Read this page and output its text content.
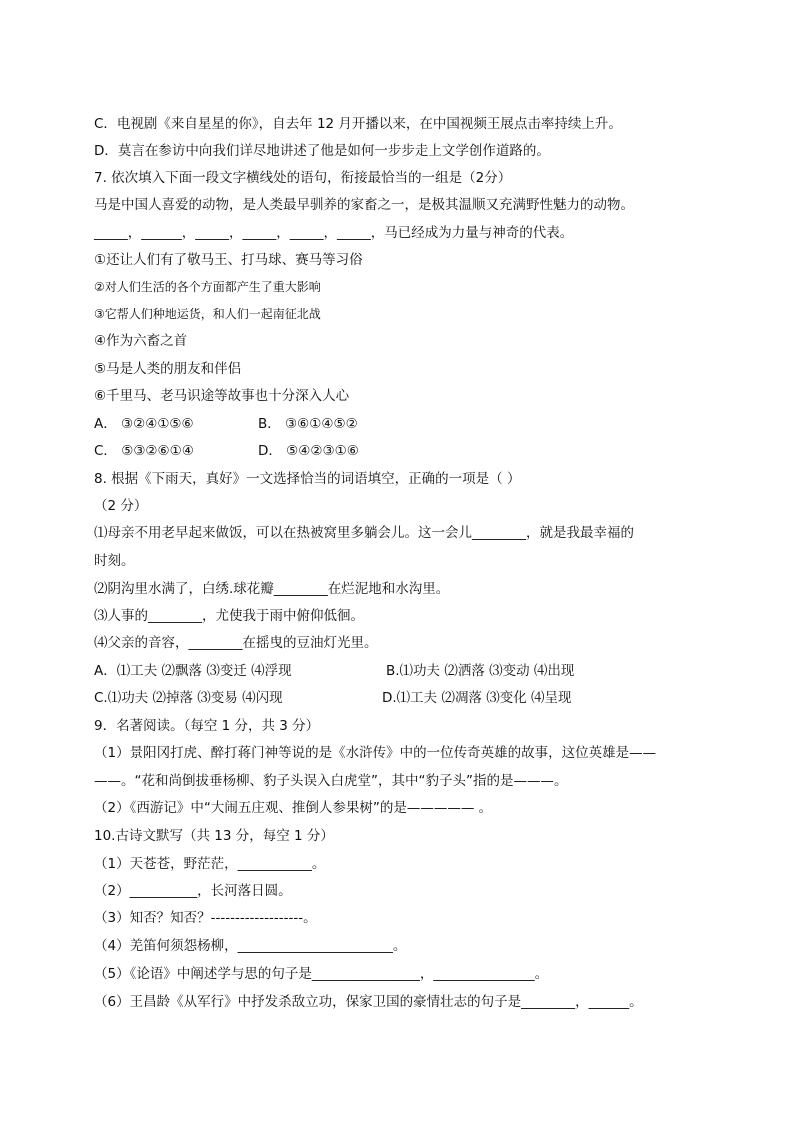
C．电视剧《来自星星的你》，自去年 12 月开播以来，在中国视频王展点击率持续上升。
D．莫言在参访中向我们详尽地讲述了他是如何一步步走上文学创作道路的。
7. 依次填入下面一段文字横线处的语句，衔接最恰当的一组是（2分）
马是中国人喜爱的动物，是人类最早驯养的家畜之一，是极其温顺又充满野性魅力的动物。
_____，______，_____，_____，_____，_____，马已经成为力量与神奇的代表。
①还让人们有了敬马王、打马球、赛马等习俗
②对人们生活的各个方面都产生了重大影响
③它帮人们种地运货，和人们一起南征北战
④作为六畜之首
⑤马是人类的朋友和伴侣
⑥千里马、老马识途等故事也十分深入人心
A． ③②④①⑤⑥	B． ③⑥①④⑤②
C． ⑤③②⑥①④	D． ⑤④②③①⑥
8. 根据《下雨天，真好》一文选择恰当的词语填空，正确的一项是（ ）
（2 分）
⑴母亲不用老早起来做饭，可以在热被窝里多躺会儿。这一会儿________，就是我最幸福的
时刻。
⑵阴沟里水满了，白绣.球花瓣________在烂泥地和水沟里。
⑶人事的________，尤使我于雨中俯仰低徊。
⑷父亲的音容，________在摇曳的豆油灯光里。
A．⑴工夫 ⑵飘落 ⑶变迁 ⑷浮现	B.⑴功夫 ⑵洒落 ⑶变动 ⑷出现
C.⑴功夫 ⑵掉落 ⑶变易 ⑷闪现	D.⑴工夫 ⑵凋落 ⑶变化 ⑷呈现
9．名著阅读。（每空 1 分，共 3 分）
（1）景阳冈打虎、醉打蒋门神等说的是《水浒传》中的一位传奇英雄的故事，这位英雄是——
——。“花和尚倒拔垂杨柳、豹子头误入白虎堂”，其中“豹子头”指的是———。
（2）《西游记》中“大闹五庄观、推倒人参果树”的是————— 。
10.古诗文默写（共 13 分，每空 1 分）
（1）天苍苍，野茫茫，___________。
（2）__________，长河落日圆。
（3）知否？知否？-------------------。
（4）羌笛何须怨杨柳，_______________________。
（5）《论语》中阐述学与思的句子是________________，_______________。
（6）王昌龄《从军行》中抒发杀敌立功，保家卫国的豪情壮志的句子是________，______。
